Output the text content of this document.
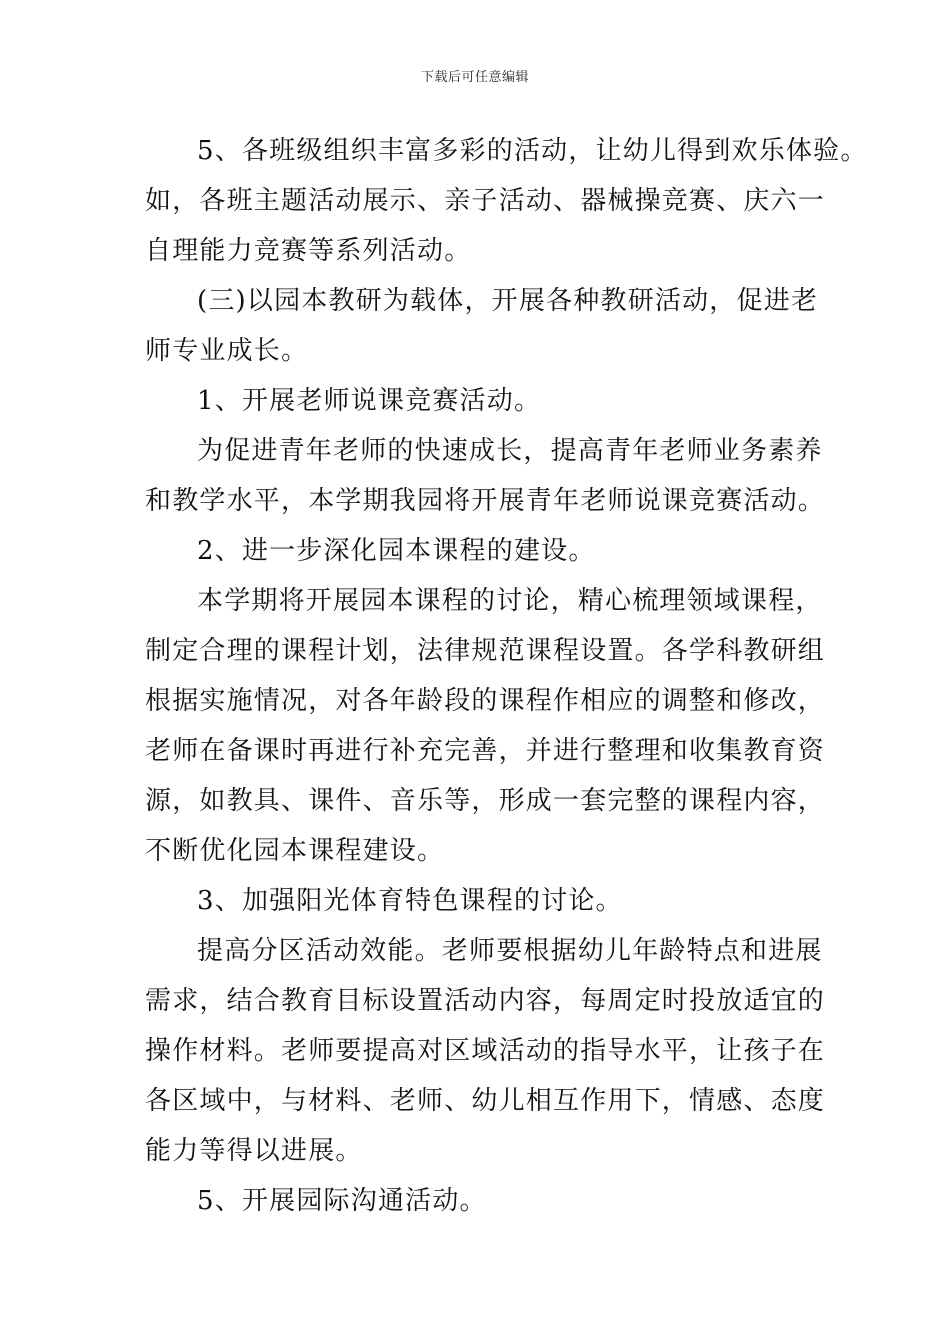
下载后可任意编辑
5、各班级组织丰富多彩的活动，让幼儿得到欢乐体验。
如，各班主题活动展示、亲子活动、器械操竞赛、庆六一
自理能力竞赛等系列活动。
(三)以园本教研为载体，开展各种教研活动，促进老
师专业成长。
1、开展老师说课竞赛活动。
为促进青年老师的快速成长，提高青年老师业务素养
和教学水平，本学期我园将开展青年老师说课竞赛活动。
2、进一步深化园本课程的建设。
本学期将开展园本课程的讨论，精心梳理领域课程，
制定合理的课程计划，法律规范课程设置。各学科教研组
根据实施情况，对各年龄段的课程作相应的调整和修改，
老师在备课时再进行补充完善，并进行整理和收集教育资
源，如教具、课件、音乐等，形成一套完整的课程内容，
不断优化园本课程建设。
3、加强阳光体育特色课程的讨论。
提高分区活动效能。老师要根据幼儿年龄特点和进展
需求，结合教育目标设置活动内容，每周定时投放适宜的
操作材料。老师要提高对区域活动的指导水平，让孩子在
各区域中，与材料、老师、幼儿相互作用下，情感、态度
能力等得以进展。
5、开展园际沟通活动。
